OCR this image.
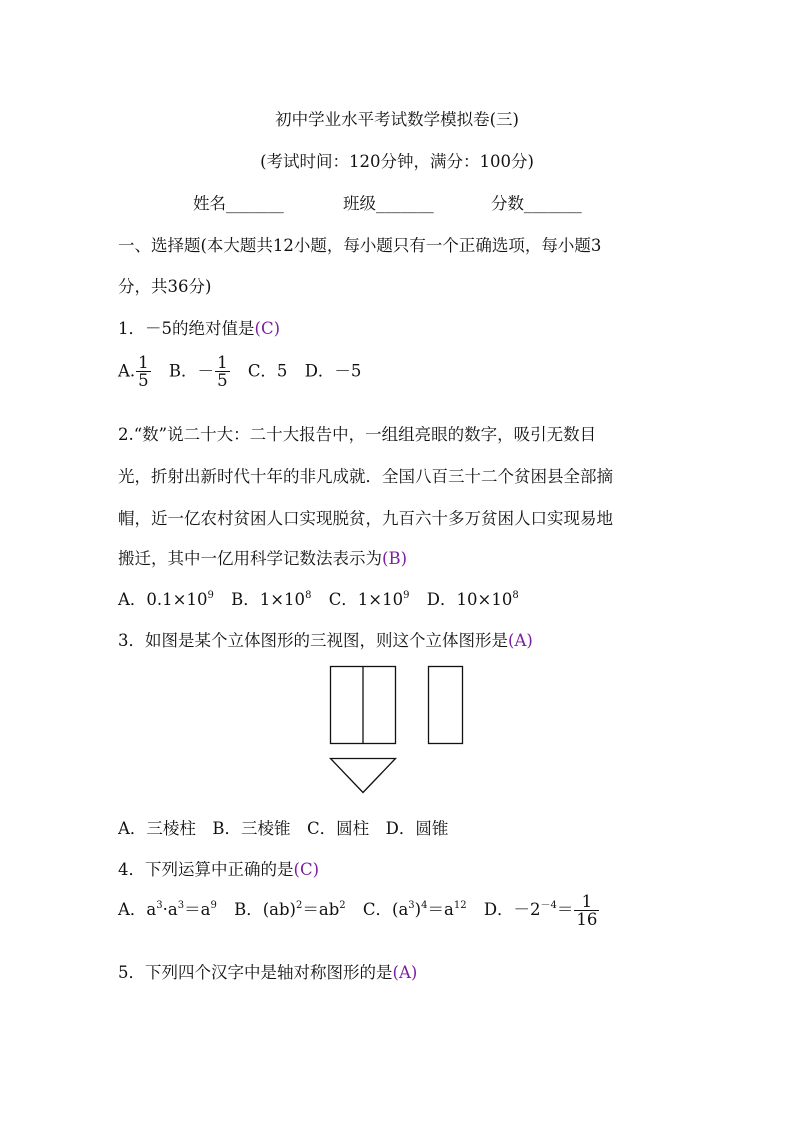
初中学业水平考试数学模拟卷(三)
(考试时间：120分钟，满分：100分)
姓名_______	班级_______	分数_______
一、选择题(本大题共12小题，每小题只有一个正确选项，每小题3
分，共36分)
1．－5的绝对值是(C)
A. $\frac{1}{5}$ B．－ $\frac{1}{5}$ C．5 D．－5
2.“数”说二十大：二十大报告中，一组组亮眼的数字，吸引无数目
光，折射出新时代十年的非凡成就．全国八百三十二个贫困县全部摘
帽，近一亿农村贫困人口实现脱贫，九百六十多万贫困人口实现易地
搬迁，其中一亿用科学记数法表示为(B)
A．$0.1\times 10^9$ B．$1\times 10^8$ C．$1\times 10^9$ D．$10\times 10^8$
3．如图是某个立体图形的三视图，则这个立体图形是(A)
A．三棱柱　B．三棱锥　C．圆柱　D．圆锥
4．下列运算中正确的是(C)
A．$a^3\cdot a^3=a^9$ B．$(ab)^2=ab^2$ C．$(a^3)^4=a^{12}$ D．$-2^{-4}= \frac{1}{16}$
5．下列四个汉字中是轴对称图形的是(A)
